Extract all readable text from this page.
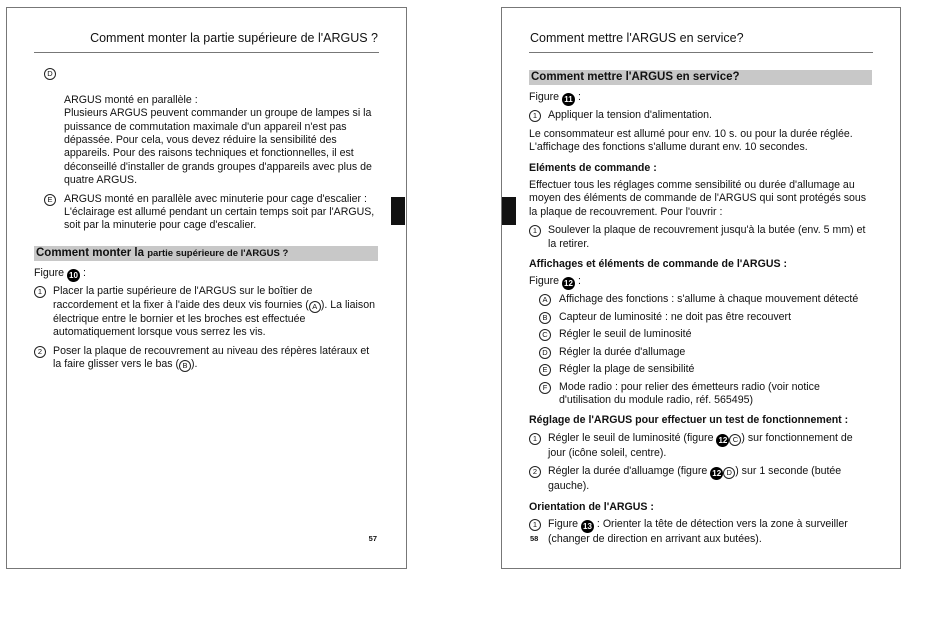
Comment monter la partie supérieure de l'ARGUS ?

D

ARGUS monté en parallèle :
Plusieurs ARGUS peuvent commander un groupe de lampes si la puissance de commutation maximale d'un appareil n'est pas dépassée. Pour cela, vous devez réduire la sensibilité des appareils. Pour des raisons techniques et fonctionnelles, il est déconseillé d'installer de grands groupes d'appareils avec plus de quatre ARGUS.

E	ARGUS monté en parallèle avec minuterie pour cage d'escalier : L'éclairage est allumé pendant un certain temps soit par l'ARGUS, soit par la minuterie pour cage d'escalier.
Comment monter la partie supérieure de l'ARGUS ?
Figure 10 :
1	Placer la partie supérieure de l'ARGUS sur le boîtier de raccordement et la fixer à l'aide des deux vis fournies ( A ). La liaison électrique entre le bornier et les broches est effectuée automatiquement lorsque vous serrez les vis.
2	Poser la plaque de recouvrement au niveau des répères latéraux et la faire glisser vers le bas ( B ).
57
Comment mettre l'ARGUS en service?
Comment mettre l'ARGUS en service?
Figure 11 :
1	Appliquer la tension d'alimentation.
Le consommateur est allumé pour env. 10 s. ou pour la durée réglée. L'affichage des fonctions s'allume durant env. 10 secondes.
Eléments de commande :
Effectuer tous les réglages comme sensibilité ou durée d'allumage au moyen des éléments de commande de l'ARGUS qui sont protégés sous la plaque de recouvrement. Pour l'ouvrir :
1	Soulever la plaque de recouvrement jusqu'à la butée (env. 5 mm) et la retirer.
Affichages et éléments de commande de l'ARGUS :
Figure 12 :
A	Affichage des fonctions : s'allume à chaque mouvement détecté
B	Capteur de luminosité : ne doit pas être recouvert
C	Régler le seuil de luminosité
D	Régler la durée d'allumage
E	Régler la plage de sensibilité
F	Mode radio : pour relier des émetteurs radio (voir notice d'utilisation du module radio, réf. 565495)
Réglage de l'ARGUS pour effectuer un test de fonctionnement :
1	Régler le seuil de luminosité (figure 12 C ) sur fonctionnement de jour (icône soleil, centre).
2	Régler la durée d'alluamge (figure 12 D ) sur 1 seconde (butée gauche).
Orientation de l'ARGUS :
1	Figure 13 : Orienter la tête de détection vers la zone à surveiller (changer de direction en arrivant aux butées).
58
